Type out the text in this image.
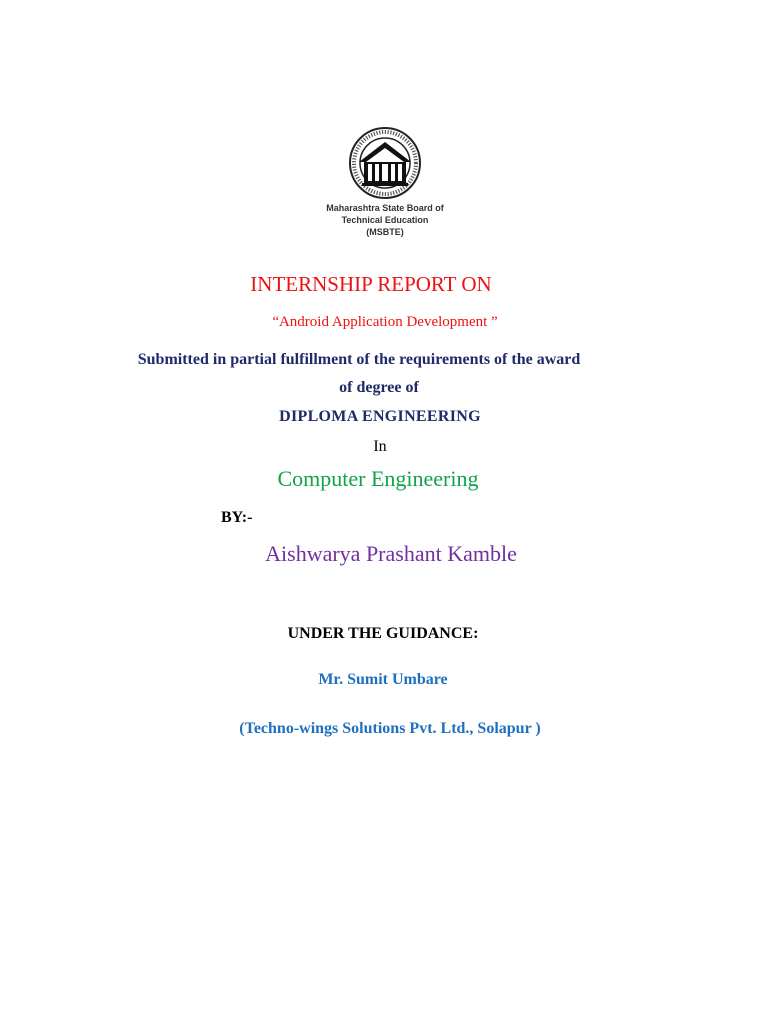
Maharashtra State Board of
Technical Education
(MSBTE)
INTERNSHIP REPORT ON
“Android Application Development ”
Submitted in partial fulfillment of the requirements of the award
of degree of
DIPLOMA ENGINEERING
In
Computer Engineering
BY:-
Aishwarya Prashant Kamble
UNDER THE GUIDANCE:
Mr. Sumit Umbare
(Techno-wings Solutions Pvt. Ltd., Solapur )
